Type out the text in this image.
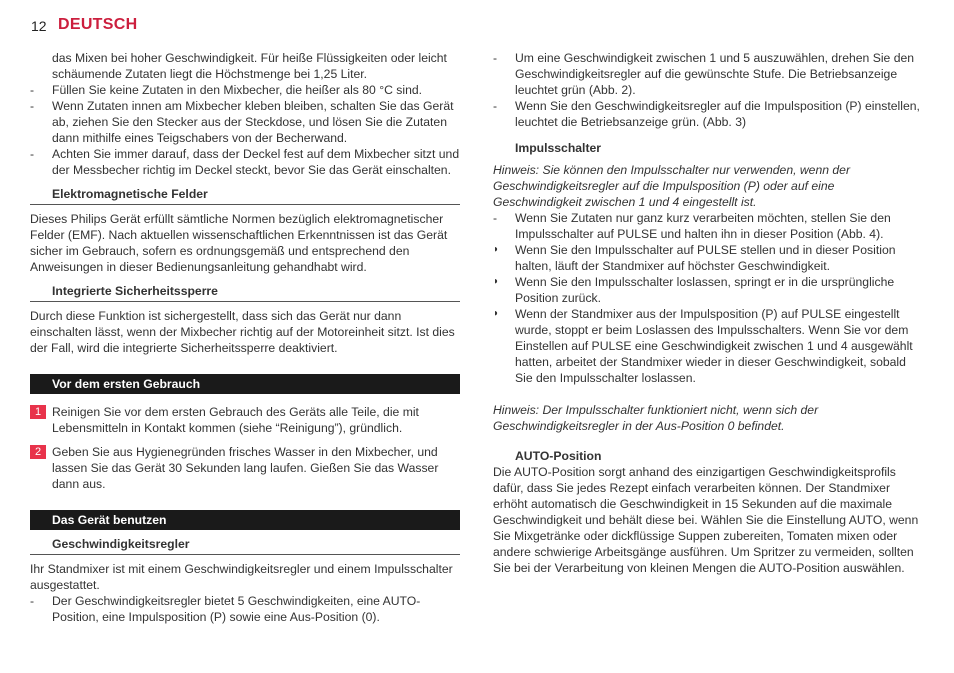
12 DEUTSCH

das Mixen bei hoher Geschwindigkeit. Für heiße Flüssigkeiten oder leicht schäumende Zutaten liegt die Höchstmenge bei 1,25 Liter.

-	Füllen Sie keine Zutaten in den Mixbecher, die heißer als 80 °C sind.

-	Wenn Zutaten innen am Mixbecher kleben bleiben, schalten Sie das Gerät ab, ziehen Sie den Stecker aus der Steckdose, und lösen Sie die Zutaten dann mithilfe eines Teigschabers von der Becherwand.

-	Achten Sie immer darauf, dass der Deckel fest auf dem Mixbecher sitzt und der Messbecher richtig im Deckel steckt, bevor Sie das Gerät einschalten.

Elektromagnetische Felder

Dieses Philips Gerät erfüllt sämtliche Normen bezüglich elektromagnetischer Felder (EMF). Nach aktuellen wissenschaftlichen Erkenntnissen ist das Gerät sicher im Gebrauch, sofern es ordnungsgemäß und entsprechend den Anweisungen in dieser Bedienungsanleitung gehandhabt wird.

Integrierte Sicherheitssperre

Durch diese Funktion ist sichergestellt, dass sich das Gerät nur dann einschalten lässt, wenn der Mixbecher richtig auf der Motoreinheit sitzt. Ist dies der Fall, wird die integrierte Sicherheitssperre deaktiviert.

Vor dem ersten Gebrauch
1 Reinigen Sie vor dem ersten Gebrauch des Geräts alle Teile, die mit Lebensmitteln in Kontakt kommen (siehe “Reinigung”), gründlich.
2 Geben Sie aus Hygienegründen frisches Wasser in den Mixbecher, und lassen Sie das Gerät 30 Sekunden lang laufen. Gießen Sie das Wasser dann aus.
Das Gerät benutzen
Geschwindigkeitsregler

Ihr Standmixer ist mit einem Geschwindigkeitsregler und einem Impulsschalter ausgestattet.

-	Der Geschwindigkeitsregler bietet 5 Geschwindigkeiten, eine AUTO-Position, eine Impulsposition (P) sowie eine Aus-Position (0).

-	Um eine Geschwindigkeit zwischen 1 und 5 auszuwählen, drehen Sie den Geschwindigkeitsregler auf die gewünschte Stufe. Die Betriebsanzeige leuchtet grün (Abb. 2).

-	Wenn Sie den Geschwindigkeitsregler auf die Impulsposition (P) einstellen, leuchtet die Betriebsanzeige grün. (Abb. 3)

Impulsschalter

Hinweis: Sie können den Impulsschalter nur verwenden, wenn der Geschwindigkeitsregler auf die Impulsposition (P) oder auf eine Geschwindigkeit zwischen 1 und 4 eingestellt ist.

-	Wenn Sie Zutaten nur ganz kurz verarbeiten möchten, stellen Sie den Impulsschalter auf PULSE und halten ihn in dieser Position (Abb. 4).

◗ Wenn Sie den Impulsschalter auf PULSE stellen und in dieser Position halten, läuft der Standmixer auf höchster Geschwindigkeit.

◗ Wenn Sie den Impulsschalter loslassen, springt er in die ursprüngliche Position zurück.

◗ Wenn der Standmixer aus der Impulsposition (P) auf PULSE eingestellt wurde, stoppt er beim Loslassen des Impulsschalters. Wenn Sie vor dem Einstellen auf PULSE eine Geschwindigkeit zwischen 1 und 4 ausgewählt hatten, arbeitet der Standmixer wieder in dieser Geschwindigkeit, sobald Sie den Impulsschalter loslassen.

Hinweis: Der Impulsschalter funktioniert nicht, wenn sich der Geschwindigkeitsregler in der Aus-Position 0 befindet.

AUTO-Position

Die AUTO-Position sorgt anhand des einzigartigen Geschwindigkeitsprofils dafür, dass Sie jedes Rezept einfach verarbeiten können. Der Standmixer erhöht automatisch die Geschwindigkeit in 15 Sekunden auf die maximale Geschwindigkeit und behält diese bei. Wählen Sie die Einstellung AUTO, wenn Sie Mixgetränke oder dickflüssige Suppen zubereiten, Tomaten mixen oder andere schwierige Arbeitsgänge ausführen. Um Spritzer zu vermeiden, sollten Sie bei der Verarbeitung von kleinen Mengen die AUTO-Position auswählen.
